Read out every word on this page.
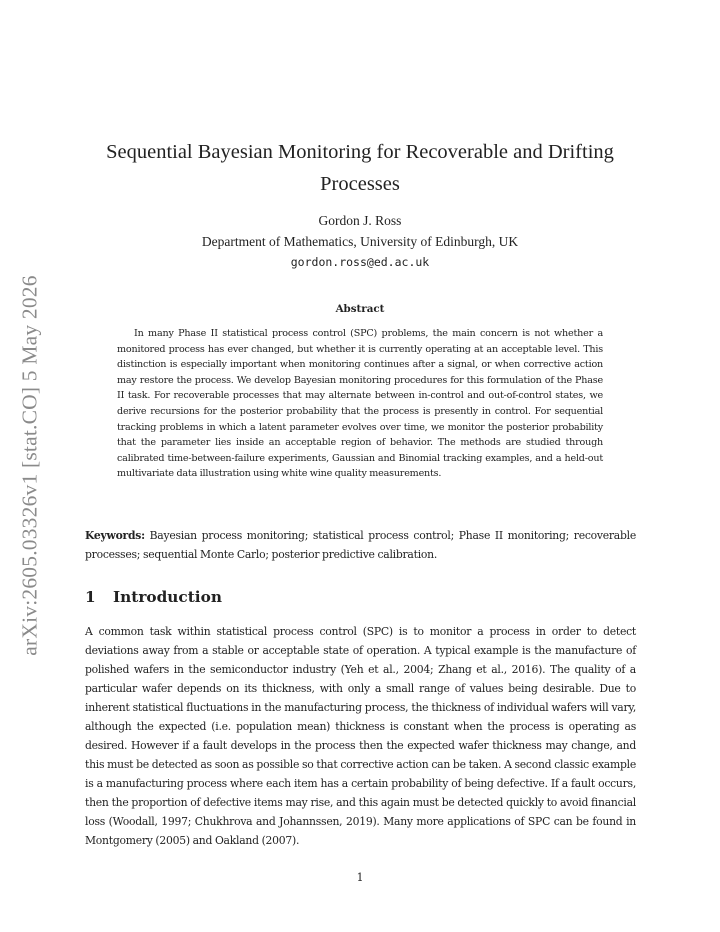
arXiv:2605.03326v1 [stat.CO] 5 May 2026
Sequential Bayesian Monitoring for Recoverable and Drifting Processes
Gordon J. Ross
Department of Mathematics, University of Edinburgh, UK
gordon.ross@ed.ac.uk
Abstract
In many Phase II statistical process control (SPC) problems, the main concern is not whether a monitored process has ever changed, but whether it is currently operating at an acceptable level. This distinction is especially important when monitoring continues after a signal, or when corrective action may restore the process. We develop Bayesian monitoring procedures for this formulation of the Phase II task. For recoverable processes that may alternate between in-control and out-of-control states, we derive recursions for the posterior probability that the process is presently in control. For sequential tracking problems in which a latent parameter evolves over time, we monitor the posterior probability that the parameter lies inside an acceptable region of behavior. The methods are studied through calibrated time-between-failure experiments, Gaussian and Binomial tracking examples, and a held-out multivariate data illustration using white wine quality measurements.
Keywords: Bayesian process monitoring; statistical process control; Phase II monitoring; recoverable processes; sequential Monte Carlo; posterior predictive calibration.
1 Introduction
A common task within statistical process control (SPC) is to monitor a process in order to detect deviations away from a stable or acceptable state of operation. A typical example is the manufacture of polished wafers in the semiconductor industry (Yeh et al., 2004; Zhang et al., 2016). The quality of a particular wafer depends on its thickness, with only a small range of values being desirable. Due to inherent statistical fluctuations in the manufacturing process, the thickness of individual wafers will vary, although the expected (i.e. population mean) thickness is constant when the process is operating as desired. However if a fault develops in the process then the expected wafer thickness may change, and this must be detected as soon as possible so that corrective action can be taken. A second classic example is a manufacturing process where each item has a certain probability of being defective. If a fault occurs, then the proportion of defective items may rise, and this again must be detected quickly to avoid financial loss (Woodall, 1997; Chukhrova and Johannssen, 2019). Many more applications of SPC can be found in Montgomery (2005) and Oakland (2007).
1
